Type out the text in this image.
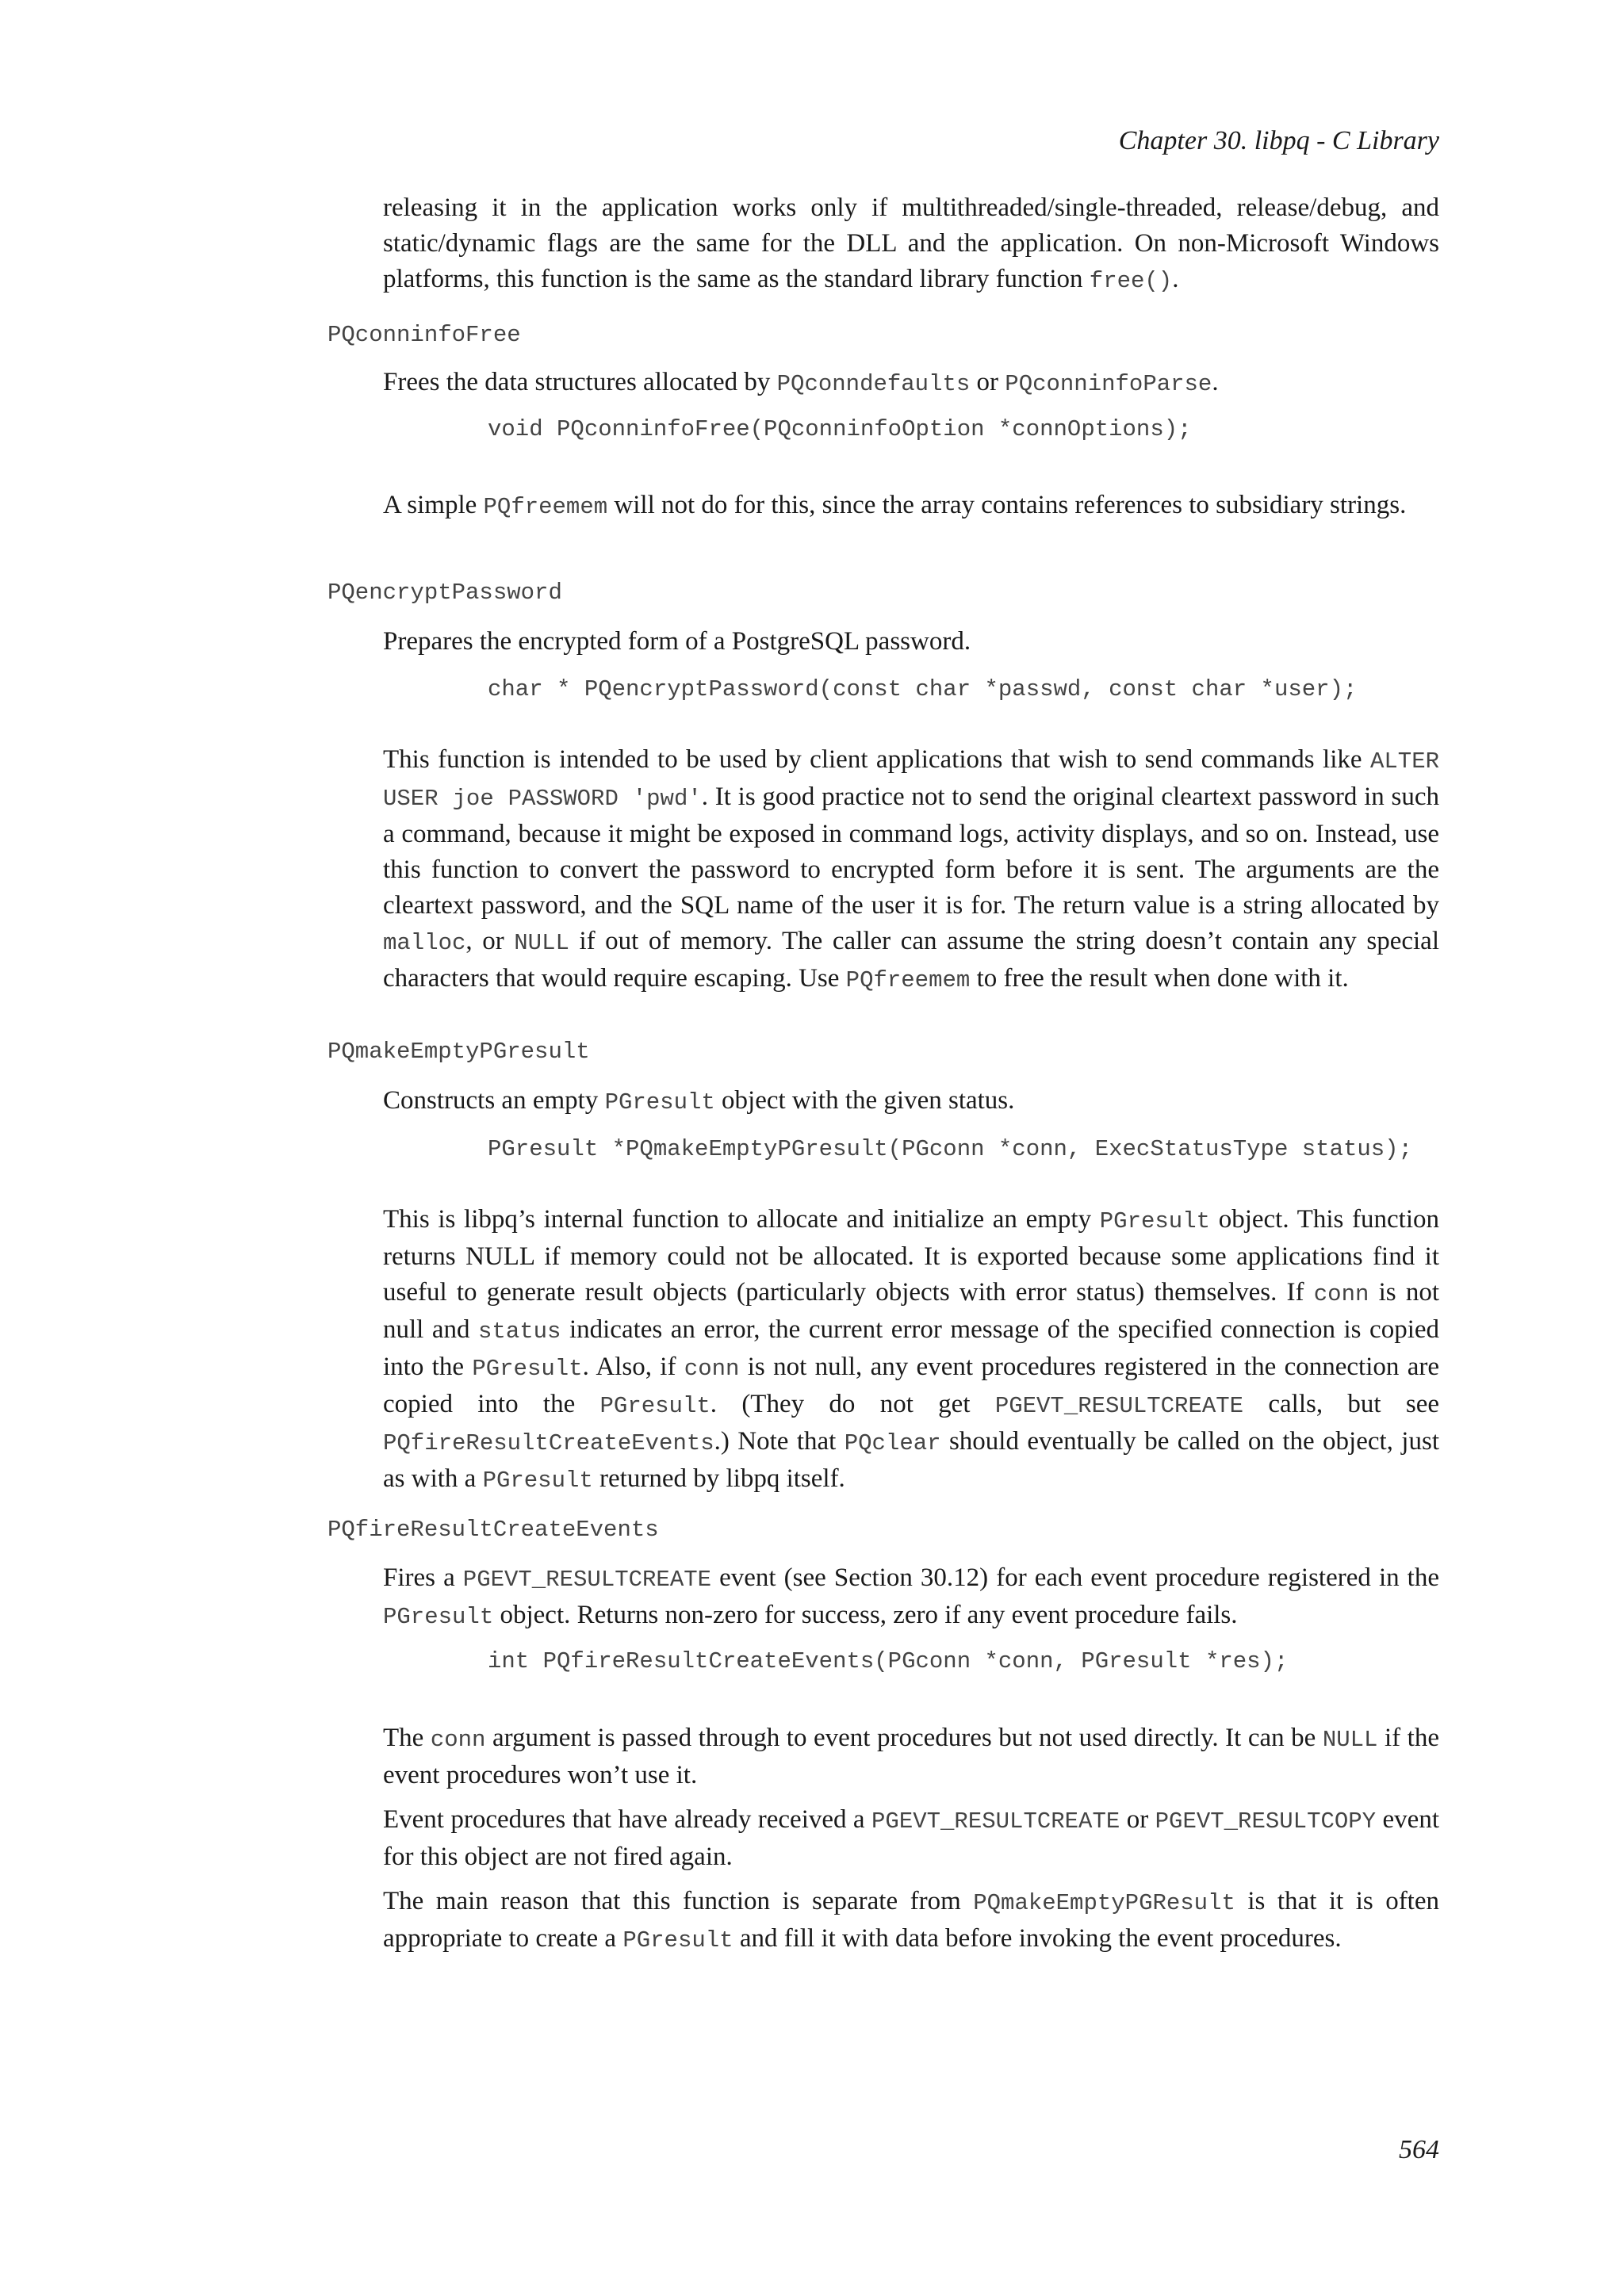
Chapter 30. libpq - C Library

releasing it in the application works only if multithreaded/single-threaded, release/debug, and static/dynamic flags are the same for the DLL and the application. On non-Microsoft Windows platforms, this function is the same as the standard library function free().

PQconninfoFree

Frees the data structures allocated by PQconndefaults or PQconninfoParse.

void PQconninfoFree(PQconninfoOption *connOptions);

A simple PQfreemem will not do for this, since the array contains references to subsidiary strings.

PQencryptPassword

Prepares the encrypted form of a PostgreSQL password.

char * PQencryptPassword(const char *passwd, const char *user);

This function is intended to be used by client applications that wish to send commands like ALTER USER joe PASSWORD 'pwd'. It is good practice not to send the original cleartext password in such a command, because it might be exposed in command logs, activity displays, and so on. Instead, use this function to convert the password to encrypted form before it is sent. The arguments are the cleartext password, and the SQL name of the user it is for. The return value is a string allocated by malloc, or NULL if out of memory. The caller can assume the string doesn’t contain any special characters that would require escaping. Use PQfreemem to free the result when done with it.

PQmakeEmptyPGresult

Constructs an empty PGresult object with the given status.

PGresult *PQmakeEmptyPGresult(PGconn *conn, ExecStatusType status);

This is libpq’s internal function to allocate and initialize an empty PGresult object. This function returns NULL if memory could not be allocated. It is exported because some applications find it useful to generate result objects (particularly objects with error status) themselves. If conn is not null and status indicates an error, the current error message of the specified connection is copied into the PGresult. Also, if conn is not null, any event procedures registered in the connection are copied into the PGresult. (They do not get PGEVT_RESULTCREATE calls, but see PQfireResultCreateEvents.) Note that PQclear should eventually be called on the object, just as with a PGresult returned by libpq itself.

PQfireResultCreateEvents

Fires a PGEVT_RESULTCREATE event (see Section 30.12) for each event procedure registered in the PGresult object. Returns non-zero for success, zero if any event procedure fails.

int PQfireResultCreateEvents(PGconn *conn, PGresult *res);

The conn argument is passed through to event procedures but not used directly. It can be NULL if the event procedures won’t use it.

Event procedures that have already received a PGEVT_RESULTCREATE or PGEVT_RESULTCOPY event for this object are not fired again.

The main reason that this function is separate from PQmakeEmptyPGResult is that it is often appropriate to create a PGresult and fill it with data before invoking the event procedures.

564
